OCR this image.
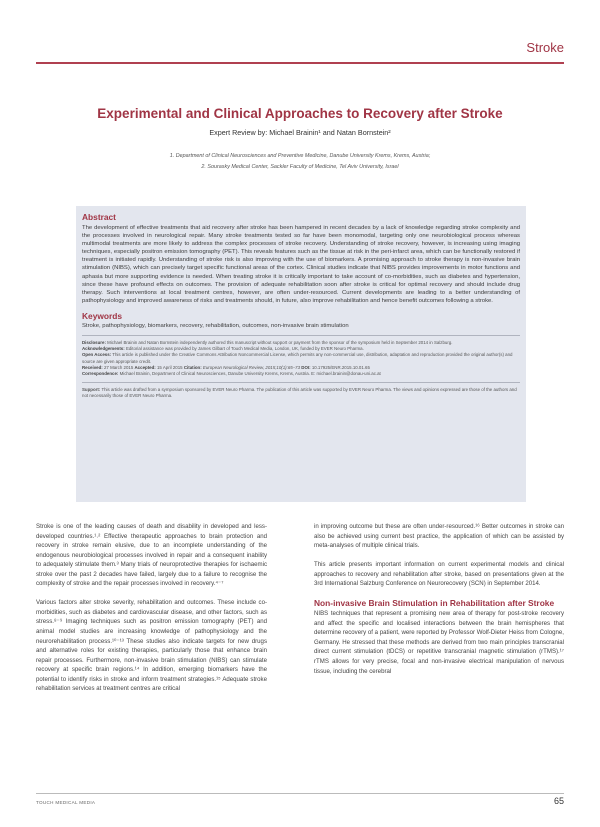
Stroke
Experimental and Clinical Approaches to Recovery after Stroke
Expert Review by: Michael Brainin¹ and Natan Bornstein²
1. Department of Clinical Neurosciences and Preventive Medicine, Danube University Krems, Krems, Austria;
2. Sourasky Medical Center, Sackler Faculty of Medicine, Tel Aviv University, Israel
Abstract

The development of effective treatments that aid recovery after stroke has been hampered in recent decades by a lack of knowledge regarding stroke complexity and the processes involved in neurological repair. Many stroke treatments tested so far have been monomodal, targeting only one neurobiological process whereas multimodal treatments are more likely to address the complex processes of stroke recovery. Understanding of stroke recovery, however, is increasing using imaging techniques, especially positron emission tomography (PET). This reveals features such as the tissue at risk in the peri-infarct area, which can be functionally restored if treatment is initiated rapidly. Understanding of stroke risk is also improving with the use of biomarkers. A promising approach to stroke therapy is non-invasive brain stimulation (NIBS), which can precisely target specific functional areas of the cortex. Clinical studies indicate that NIBS provides improvements in motor functions and aphasia but more supporting evidence is needed. When treating stroke it is critically important to take account of co-morbidities, such as diabetes and hypertension, since these have profound effects on outcomes. The provision of adequate rehabilitation soon after stroke is critical for optimal recovery and should include drug therapy. Such interventions at local treatment centres, however, are often under-resourced. Current developments are leading to a better understanding of pathophysiology and improved awareness of risks and treatments should, in future, also improve rehabilitation and hence benefit outcomes following a stroke.

Keywords

Stroke, pathophysiology, biomarkers, recovery, rehabilitation, outcomes, non-invasive brain stimulation

Disclosure: Michael Brainin and Natan Bornstein independently authored this manuscript without support or payment from the sponsor of the symposium held in September 2014 in Salzburg.
Acknowledgements: Editorial assistance was provided by James Gilbart of Touch Medical Media, London, UK, funded by EVER Neuro Pharma.
Open Access: This article is published under the Creative Commons Attribution Noncommercial License, which permits any non-commercial use, distribution, adaptation and reproduction provided the original author(s) and source are given appropriate credit.
Received: 27 March 2015 Accepted: 15 April 2015 Citation: European Neurological Review, 2015;10(1):65–73 DOI: 10.17925/ENR.2015.10.01.65
Correspondence: Michael Brainin, Department of Clinical Neurosciences, Danube University Krems, Krems, Austria. E: michael.brainin@donau-uni.ac.at
Support: This article was drafted from a symposium sponsored by EVER Neuro Pharma. The publication of this article was supported by EVER Neuro Pharma. The views and opinions expressed are those of the authors and not necessarily those of EVER Neuro Pharma.

Stroke is one of the leading causes of death and disability in developed and less-developed countries.¹˒² Effective therapeutic approaches to brain protection and recovery in stroke remain elusive, due to an incomplete understanding of the endogenous neurobiological processes involved in repair and a consequent inability to adequately stimulate them.³ Many trials of neuroprotective therapies for ischaemic stroke over the past 2 decades have failed, largely due to a failure to recognise the complexity of stroke and the repair processes involved in recovery.⁴⁻⁷

Various factors alter stroke severity, rehabilitation and outcomes. These include co-morbidities, such as diabetes and cardiovascular disease, and other factors, such as stress.⁸⁻⁹ Imaging techniques such as positron emission tomography (PET) and animal model studies are increasing knowledge of pathophysiology and the neurorehabilitation process.¹⁰⁻¹³ These studies also indicate targets for new drugs and alternative roles for existing therapies, particularly those that enhance brain repair processes. Furthermore, non-invasive brain stimulation (NIBS) can stimulate recovery at specific brain regions.¹⁴ In addition, emerging biomarkers have the potential to identify risks in stroke and inform treatment strategies.¹⁵ Adequate stroke rehabilitation services at treatment centres are critical

in improving outcome but these are often under-resourced.¹⁶ Better outcomes in stroke can also be achieved using current best practice, the application of which can be assisted by meta-analyses of multiple clinical trials.

This article presents important information on current experimental models and clinical approaches to recovery and rehabilitation after stroke, based on presentations given at the 3rd International Salzburg Conference on Neurorecovery (SCN) in September 2014.

Non-invasive Brain Stimulation in Rehabilitation after Stroke

NIBS techniques that represent a promising new area of therapy for post-stroke recovery and affect the specific and localised interactions between the brain hemispheres that determine recovery of a patient, were reported by Professor Wolf-Dieter Heiss from Cologne, Germany. He stressed that these methods are derived from two main principles transcranial direct current stimulation (tDCS) or repetitive transcranial magnetic stimulation (rTMS).¹⁷ rTMS allows for very precise, focal and non-invasive electrical manipulation of nervous tissue, including the cerebral

TOUCH MEDICAL MEDIA	65
